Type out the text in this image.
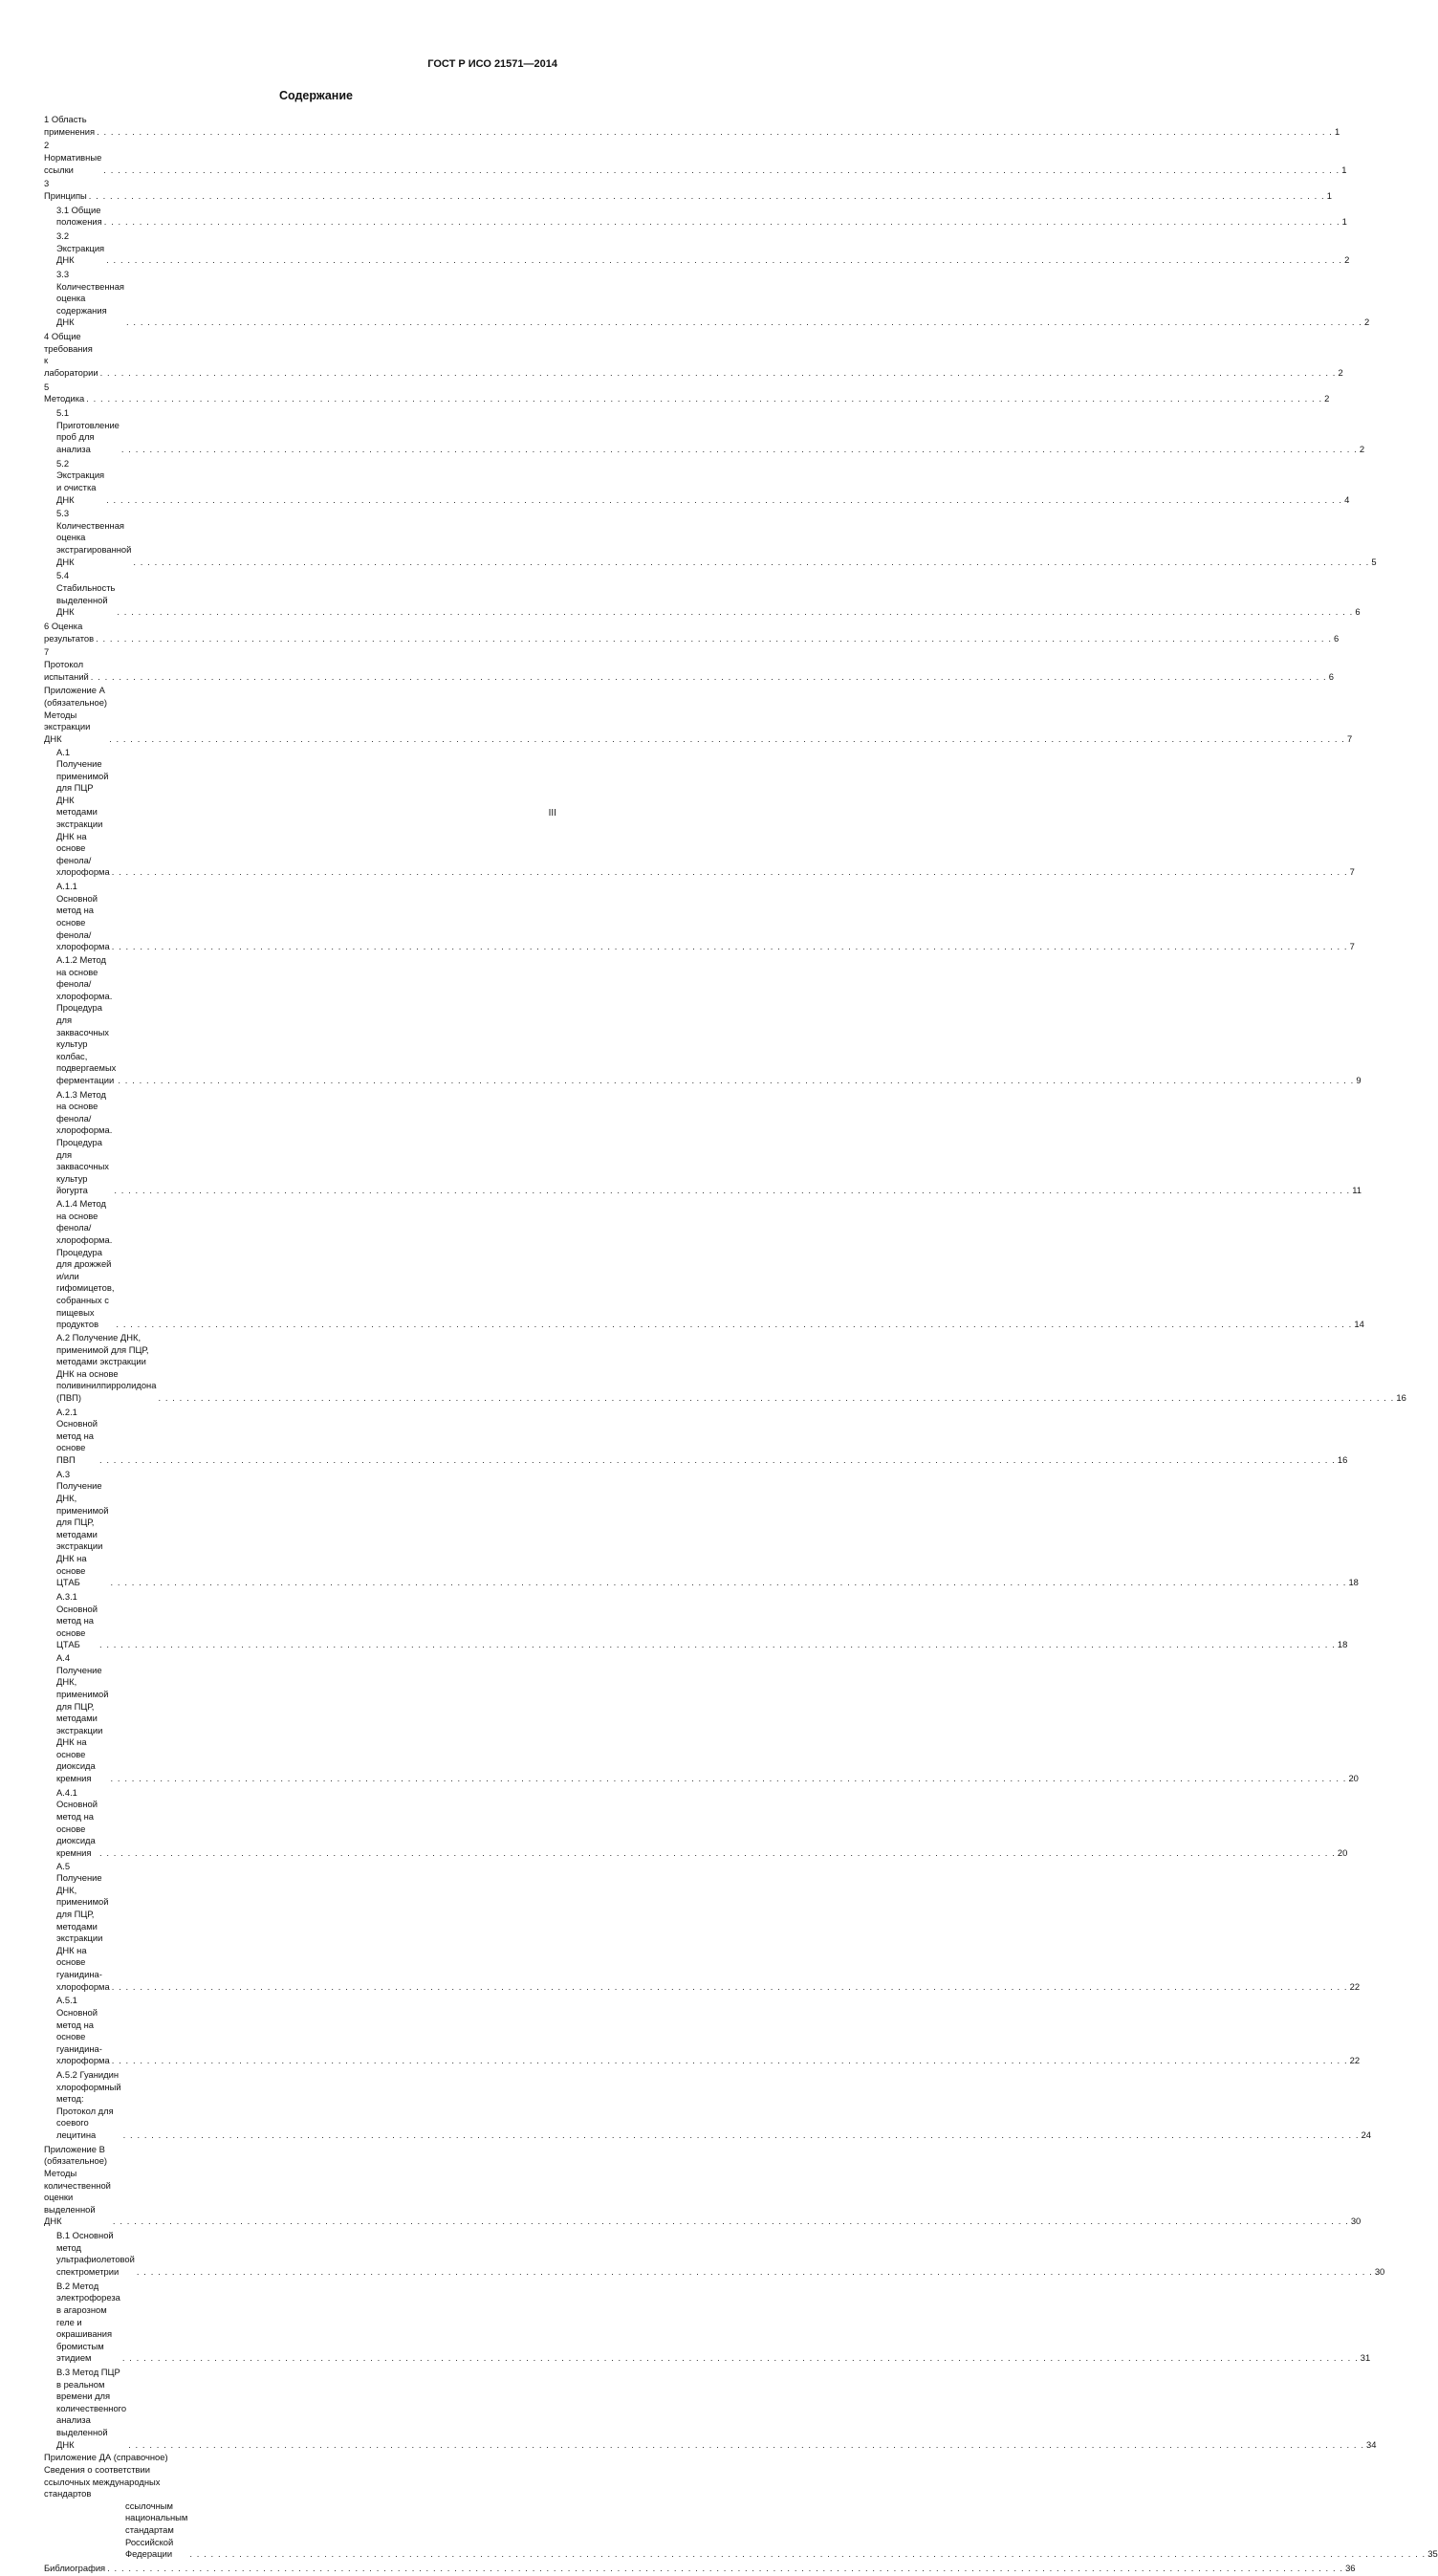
ГОСТ Р ИСО 21571—2014
Содержание
1 Область применения . . .	1
2 Нормативные ссылки . . .	1
3 Принципы . . .	1
3.1 Общие положения . . .	1
3.2 Экстракция ДНК . . .	2
3.3 Количественная оценка содержания ДНК . . .	2
4 Общие требования к лаборатории . . .	2
5 Методика . . .	2
5.1 Приготовление проб для анализа . . .	2
5.2 Экстракция и очистка ДНК . . .	4
5.3 Количественная оценка экстрагированной ДНК . . .	5
5.4 Стабильность выделенной ДНК . . .	6
6 Оценка результатов . . .	6
7 Протокол испытаний . . .	6
Приложение А (обязательное) Методы экстракции ДНК . . .	7
А.1 Получение применимой для ПЦР ДНК методами экстракции ДНК на основе фенола/
хлороформа . . .	7
А.1.1 Основной метод на основе фенола/хлороформа . . .	7
А.1.2 Метод на основе фенола/хлороформа. Процедура для заквасочных культур колбас,
подвергаемых ферментации . . .	9
А.1.3 Метод на основе фенола/хлороформа. Процедура для заквасочных культур йогурта . . .	11
А.1.4 Метод на основе фенола/хлороформа. Процедура для дрожжей и/или гифомицетов,
собранных с пищевых продуктов . . .	14
А.2 Получение ДНК, применимой для ПЦР, методами экстракции ДНК на основе
поливинилпирролидона (ПВП) . . .	16
А.2.1 Основной метод на основе ПВП . . .	16
А.3 Получение ДНК, применимой для ПЦР, методами экстракции ДНК на основе ЦТАБ . . .	18
А.3.1 Основной метод на основе ЦТАБ . . .	18
А.4 Получение ДНК, применимой для ПЦР, методами экстракции ДНК на основе диоксида
кремния . . .	20
А.4.1 Основной метод на основе диоксида кремния . . .	20
А.5 Получение ДНК, применимой для ПЦР, методами экстракции ДНК на основе
гуанидина-хлороформа . . .	22
А.5.1 Основной метод на основе гуанидина-хлороформа . . .	22
А.5.2 Гуанидин хлороформный метод: Протокол для соевого лецитина . . .	24
Приложение В (обязательное) Методы количественной оценки выделенной ДНК . . .	30
В.1 Основной метод ультрафиолетовой спектрометрии . . .	30
В.2 Метод электрофореза в агарозном геле и окрашивания бромистым этидием . . .	31
В.3 Метод ПЦР в реальном времени для количественного анализа выделенной ДНК . . .	34
Приложение ДА (справочное) Сведения о соответствии ссылочных международных стандартов
ссылочным национальным стандартам Российской Федерации . . .	35
Библиография . . .	36
III
